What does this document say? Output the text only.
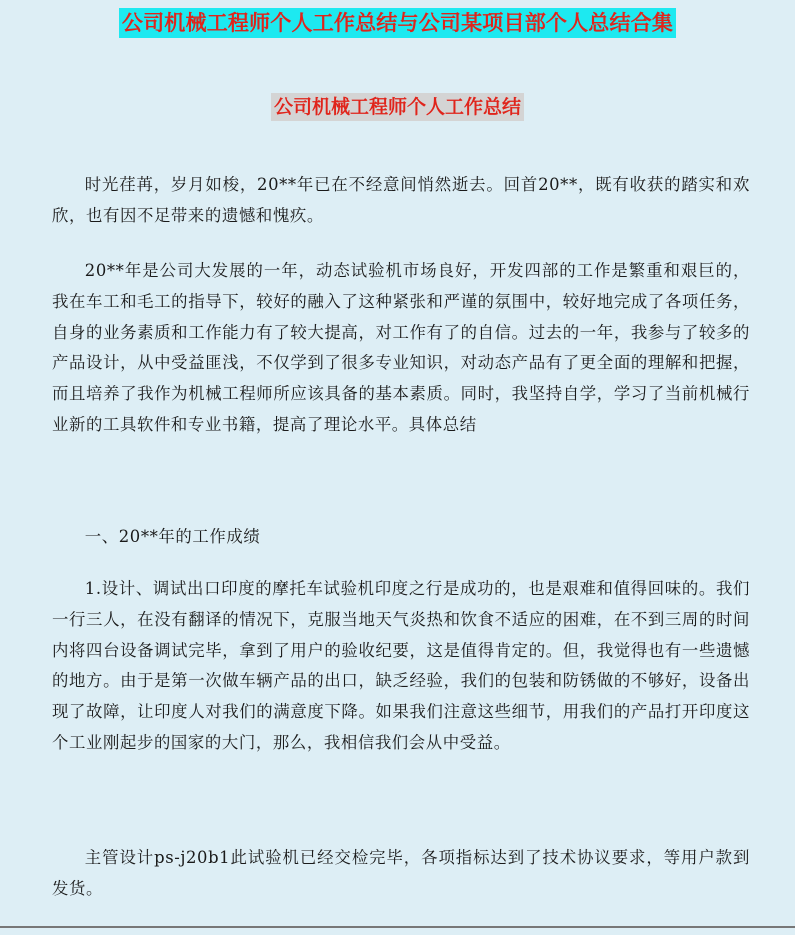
公司机械工程师个人工作总结与公司某项目部个人总结合集
公司机械工程师个人工作总结

时光荏苒，岁月如梭，20**年已在不经意间悄然逝去。回首20**，既有收获的踏实和欢欣，也有因不足带来的遗憾和愧疚。

20**年是公司大发展的一年，动态试验机市场良好，开发四部的工作是繁重和艰巨的，我在车工和毛工的指导下，较好的融入了这种紧张和严谨的氛围中，较好地完成了各项任务，自身的业务素质和工作能力有了较大提高，对工作有了的自信。过去的一年，我参与了较多的产品设计，从中受益匪浅，不仅学到了很多专业知识，对动态产品有了更全面的理解和把握，而且培养了我作为机械工程师所应该具备的基本素质。同时，我坚持自学，学习了当前机械行业新的工具软件和专业书籍，提高了理论水平。具体总结

一、20**年的工作成绩

1.设计、调试出口印度的摩托车试验机印度之行是成功的，也是艰难和值得回味的。我们一行三人，在没有翻译的情况下，克服当地天气炎热和饮食不适应的困难，在不到三周的时间内将四台设备调试完毕，拿到了用户的验收纪要，这是值得肯定的。但，我觉得也有一些遗憾的地方。由于是第一次做车辆产品的出口，缺乏经验，我们的包装和防锈做的不够好，设备出现了故障，让印度人对我们的满意度下降。如果我们注意这些细节，用我们的产品打开印度这个工业刚起步的国家的大门，那么，我相信我们会从中受益。

主管设计ps-j20b1此试验机已经交检完毕，各项指标达到了技术协议要求，等用户款到发货。
